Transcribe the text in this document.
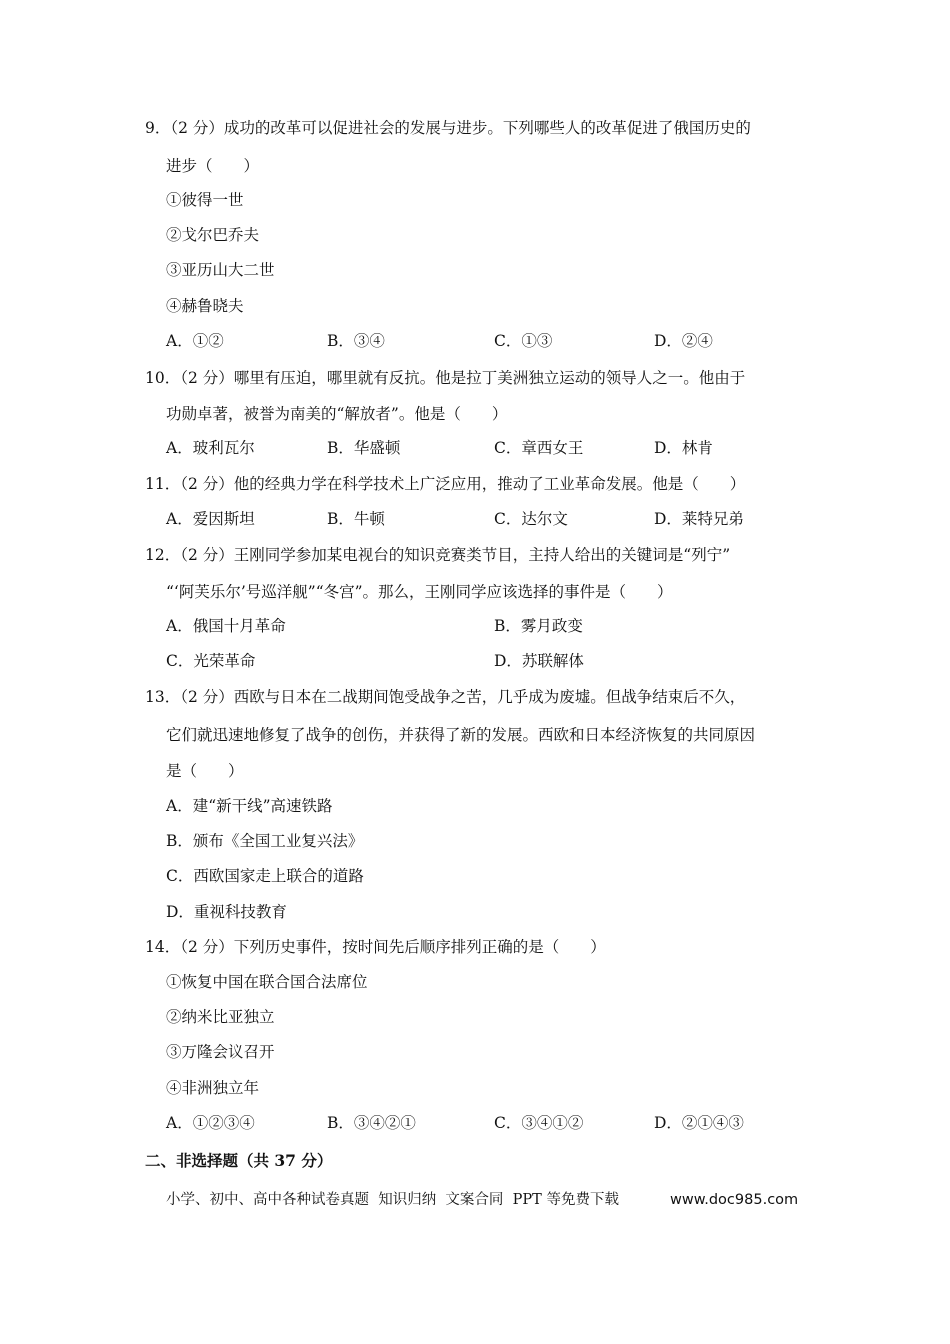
9．（2 分）成功的改革可以促进社会的发展与进步。下列哪些人的改革促进了俄国历史的
进步（　　）
①彼得一世
②戈尔巴乔夫
③亚历山大二世
④赫鲁晓夫
A．①②	B．③④	C．①③	D．②④
10．（2 分）哪里有压迫，哪里就有反抗。他是拉丁美洲独立运动的领导人之一。他由于
功勋卓著，被誉为南美的“解放者”。他是（　　）
A．玻利瓦尔	B．华盛顿	C．章西女王	D．林肯
11．（2 分）他的经典力学在科学技术上广泛应用，推动了工业革命发展。他是（　　）
A．爱因斯坦	B．牛顿	C．达尔文	D．莱特兄弟
12．（2 分）王刚同学参加某电视台的知识竞赛类节目，主持人给出的关键词是“列宁”
“‘阿芙乐尔’号巡洋舰”“冬宫”。那么，王刚同学应该选择的事件是（　　）
A．俄国十月革命	B．雾月政变
C．光荣革命	D．苏联解体
13．（2 分）西欧与日本在二战期间饱受战争之苦，几乎成为废墟。但战争结束后不久，
它们就迅速地修复了战争的创伤，并获得了新的发展。西欧和日本经济恢复的共同原因
是（　　）
A．建“新干线”高速铁路
B．颁布《全国工业复兴法》
C．西欧国家走上联合的道路
D．重视科技教育
14．（2 分）下列历史事件，按时间先后顺序排列正确的是（　　）
①恢复中国在联合国合法席位
②纳米比亚独立
③万隆会议召开
④非洲独立年
A．①②③④	B．③④②①	C．③④①②	D．②①④③
二、非选择题（共 37 分）
小学、初中、高中各种试卷真题  知识归纳  文案合同  PPT 等免费下载	www.doc985.com
